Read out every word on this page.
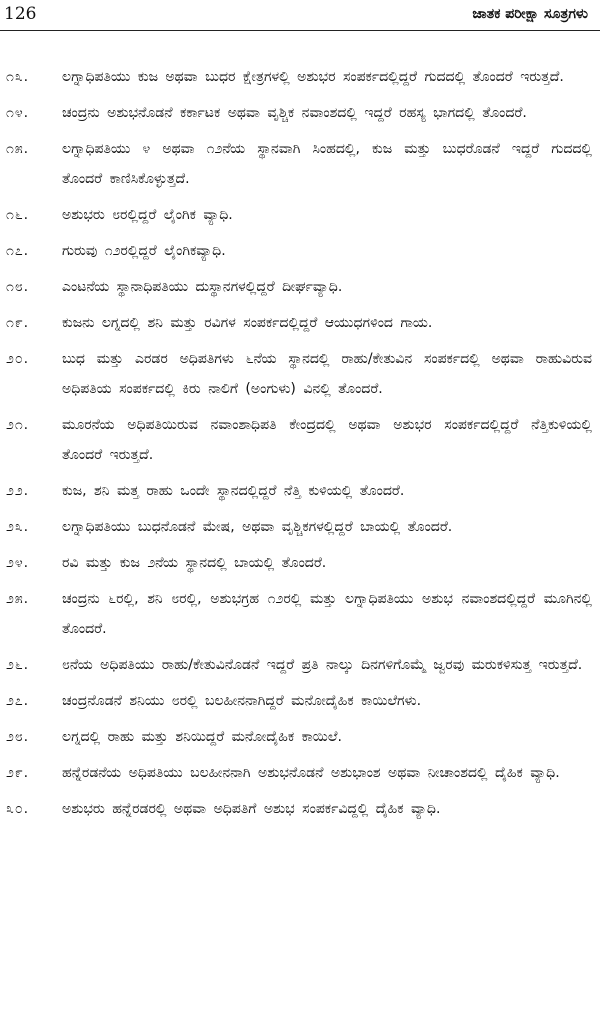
126	ಜಾತಕ ಪರೀಕ್ಷಾ ಸೂತ್ರಗಳು
೧೩.	ಲಗ್ನಾಧಿಪತಿಯು ಕುಜ ಅಥವಾ ಬುಧರ ಕ್ಷೇತ್ರಗಳಲ್ಲಿ ಅಶುಭರ ಸಂಪರ್ಕದಲ್ಲಿದ್ದರೆ ಗುದದಲ್ಲಿ ತೊಂದರೆ ಇರುತ್ತದೆ.
೧೪.	ಚಂದ್ರನು ಅಶುಭನೊಡನೆ ಕರ್ಕಾಟಕ ಅಥವಾ ವೃಶ್ಚಿಕ ನವಾಂಶದಲ್ಲಿ ಇದ್ದರೆ ರಹಸ್ಯ ಭಾಗದಲ್ಲಿ ತೊಂದರೆ.
೧೫.	ಲಗ್ನಾಧಿಪತಿಯು ೪ ಅಥವಾ ೧೨ನೆಯ ಸ್ಥಾನವಾಗಿ ಸಿಂಹದಲ್ಲಿ, ಕುಜ ಮತ್ತು ಬುಧರೊಡನೆ ಇದ್ದರೆ ಗುದದಲ್ಲಿ ತೊಂದರೆ ಕಾಣಿಸಿಕೊಳ್ಳುತ್ತದೆ.
೧೬.	ಅಶುಭರು ೮ರಲ್ಲಿದ್ದರೆ ಲೈಂಗಿಕ ವ್ಯಾಧಿ.
೧೭.	ಗುರುವು ೧೨ರಲ್ಲಿದ್ದರೆ ಲೈಂಗಿಕವ್ಯಾಧಿ.
೧೮.	ಎಂಟನೆಯ ಸ್ಥಾನಾಧಿಪತಿಯು ದುಸ್ಥಾನಗಳಲ್ಲಿದ್ದರೆ ದೀರ್ಘವ್ಯಾಧಿ.
೧೯.	ಕುಜನು ಲಗ್ನದಲ್ಲಿ ಶನಿ ಮತ್ತು ರವಿಗಳ ಸಂಪರ್ಕದಲ್ಲಿದ್ದರೆ ಆಯುಧಗಳಿಂದ ಗಾಯ.
೨೦.	ಬುಧ ಮತ್ತು ಎರಡರ ಅಧಿಪತಿಗಳು ೬ನೆಯ ಸ್ಥಾನದಲ್ಲಿ ರಾಹು/ಕೇತುವಿನ ಸಂಪರ್ಕದಲ್ಲಿ ಅಥವಾ ರಾಹುವಿರುವ ಅಧಿಪತಿಯ ಸಂಪರ್ಕದಲ್ಲಿ ಕಿರು ನಾಲಿಗೆ (ಅಂಗುಳು) ವಿನಲ್ಲಿ ತೊಂದರೆ.
೨೧.	ಮೂರನೆಯ ಅಧಿಪತಿಯಿರುವ ನವಾಂಶಾಧಿಪತಿ ಕೇಂದ್ರದಲ್ಲಿ ಅಥವಾ ಅಶುಭರ ಸಂಪರ್ಕದಲ್ಲಿದ್ದರೆ ನೆತ್ತಿಕುಳಿಯಲ್ಲಿ ತೊಂದರೆ ಇರುತ್ತದೆ.
೨೨.	ಕುಜ, ಶನಿ ಮತ್ತ ರಾಹು ಒಂದೇ ಸ್ಥಾನದಲ್ಲಿದ್ದರೆ ನೆತ್ತಿ ಕುಳಿಯಲ್ಲಿ ತೊಂದರೆ.
೨೩.	ಲಗ್ನಾಧಿಪತಿಯು ಬುಧನೊಡನೆ ಮೇಷ, ಅಥವಾ ವೃಶ್ಚಿಕಗಳಲ್ಲಿದ್ದರೆ ಬಾಯಲ್ಲಿ ತೊಂದರೆ.
೨೪.	ರವಿ ಮತ್ತು ಕುಜ ೨ನೆಯ ಸ್ಥಾನದಲ್ಲಿ ಬಾಯಲ್ಲಿ ತೊಂದರೆ.
೨೫.	ಚಂದ್ರನು ೬ರಲ್ಲಿ, ಶನಿ ೮ರಲ್ಲಿ, ಅಶುಭಗ್ರಹ ೧೨ರಲ್ಲಿ ಮತ್ತು ಲಗ್ನಾಧಿಪತಿಯು ಅಶುಭ ನವಾಂಶದಲ್ಲಿದ್ದರೆ ಮೂಗಿನಲ್ಲಿ ತೊಂದರೆ.
೨೬.	೮ನೆಯ ಅಧಿಪತಿಯು ರಾಹು/ಕೇತುವಿನೊಡನೆ ಇದ್ದರೆ ಪ್ರತಿ ನಾಲ್ಕು ದಿನಗಳಿಗೊಮ್ಮೆ ಜ್ವರವು ಮರುಕಳಿಸುತ್ತ ಇರುತ್ತದೆ.
೨೭.	ಚಂದ್ರನೊಡನೆ ಶನಿಯು ೮ರಲ್ಲಿ ಬಲಹೀನನಾಗಿದ್ದರೆ ಮನೋದೈಹಿಕ ಕಾಯಿಲೆಗಳು.
೨೮.	ಲಗ್ನದಲ್ಲಿ ರಾಹು ಮತ್ತು ಶನಿಯಿದ್ದರೆ ಮನೋದೈಹಿಕ ಕಾಯಿಲೆ.
೨೯.	ಹನ್ನೆರಡನೆಯ ಅಧಿಪತಿಯು ಬಲಹೀನನಾಗಿ ಅಶುಭನೊಡನೆ ಅಶುಭಾಂಶ ಅಥವಾ ನೀಚಾಂಶದಲ್ಲಿ ದೈಹಿಕ ವ್ಯಾಧಿ.
೩೦.	ಅಶುಭರು ಹನ್ನೆರಡರಲ್ಲಿ ಅಥವಾ ಅಧಿಪತಿಗೆ ಅಶುಭ ಸಂಪರ್ಕವಿದ್ದಲ್ಲಿ ದೈಹಿಕ ವ್ಯಾಧಿ.
